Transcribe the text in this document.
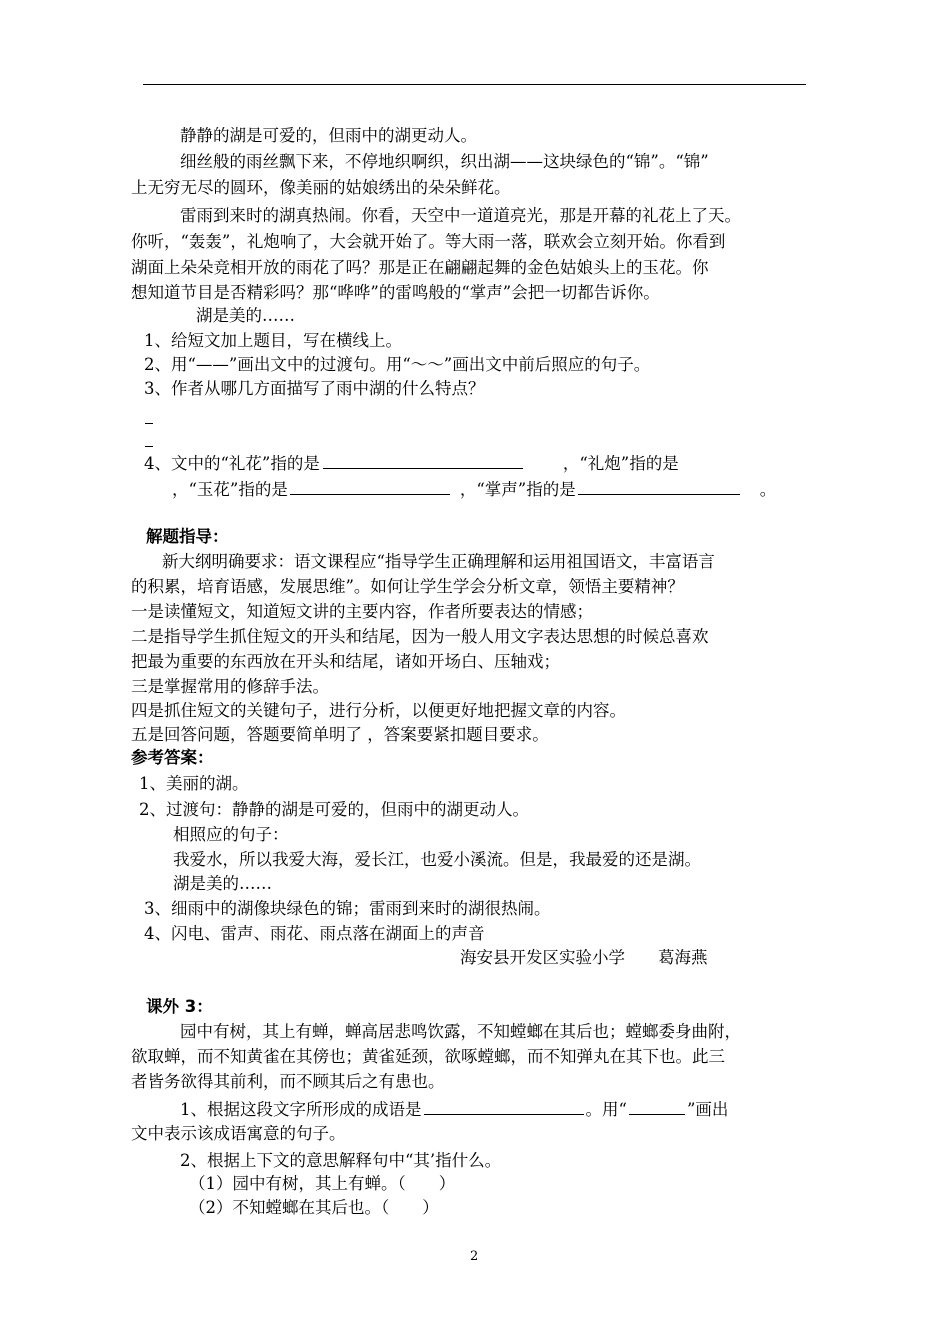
静静的湖是可爱的，但雨中的湖更动人。
细丝般的雨丝飘下来，不停地织啊织，织出湖——这块绿色的“锦”。“锦”
上无穷无尽的圆环，像美丽的姑娘绣出的朵朵鲜花。
雷雨到来时的湖真热闹。你看，天空中一道道亮光，那是开幕的礼花上了天。
你听，“轰轰”，礼炮响了，大会就开始了。等大雨一落，联欢会立刻开始。你看到
湖面上朵朵竞相开放的雨花了吗？那是正在翩翩起舞的金色姑娘头上的玉花。你
想知道节目是否精彩吗？那“哗哗”的雷鸣般的“掌声”会把一切都告诉你。
湖是美的……
1、给短文加上题目，写在横线上。
2、用“——”画出文中的过渡句。用“～～”画出文中前后照应的句子。
3、作者从哪几方面描写了雨中湖的什么特点？
4、文中的“礼花”指的是	，“礼炮”指的是
，“玉花”指的是	，“掌声”指的是	。
解题指导：
新大纲明确要求：语文课程应“指导学生正确理解和运用祖国语文，丰富语言
的积累，培育语感，发展思维”。如何让学生学会分析文章，领悟主要精神？
一是读懂短文，知道短文讲的主要内容，作者所要表达的情感；
二是指导学生抓住短文的开头和结尾，因为一般人用文字表达思想的时候总喜欢
把最为重要的东西放在开头和结尾，诸如开场白、压轴戏；
三是掌握常用的修辞手法。
四是抓住短文的关键句子，进行分析，以便更好地把握文章的内容。
五是回答问题，答题要简单明了 ，答案要紧扣题目要求。
参考答案：
1、美丽的湖。
2、过渡句：静静的湖是可爱的，但雨中的湖更动人。
相照应的句子：
我爱水，所以我爱大海，爱长江，也爱小溪流。但是，我最爱的还是湖。
湖是美的……
3、细雨中的湖像块绿色的锦；雷雨到来时的湖很热闹。
4、闪电、雷声、雨花、雨点落在湖面上的声音
海安县开发区实验小学　　葛海燕
课外 3：
园中有树，其上有蝉，蝉高居悲鸣饮露，不知螳螂在其后也；螳螂委身曲附，
欲取蝉，而不知黄雀在其傍也；黄雀延颈，欲啄螳螂，而不知弹丸在其下也。此三
者皆务欲得其前利，而不顾其后之有患也。
1、根据这段文字所形成的成语是	。用“	”画出
文中表示该成语寓意的句子。
2、根据上下文的意思解释句中“其’指什么。
（1）园中有树，其上有蝉。（　　）
（2）不知螳螂在其后也。（　　）
2
